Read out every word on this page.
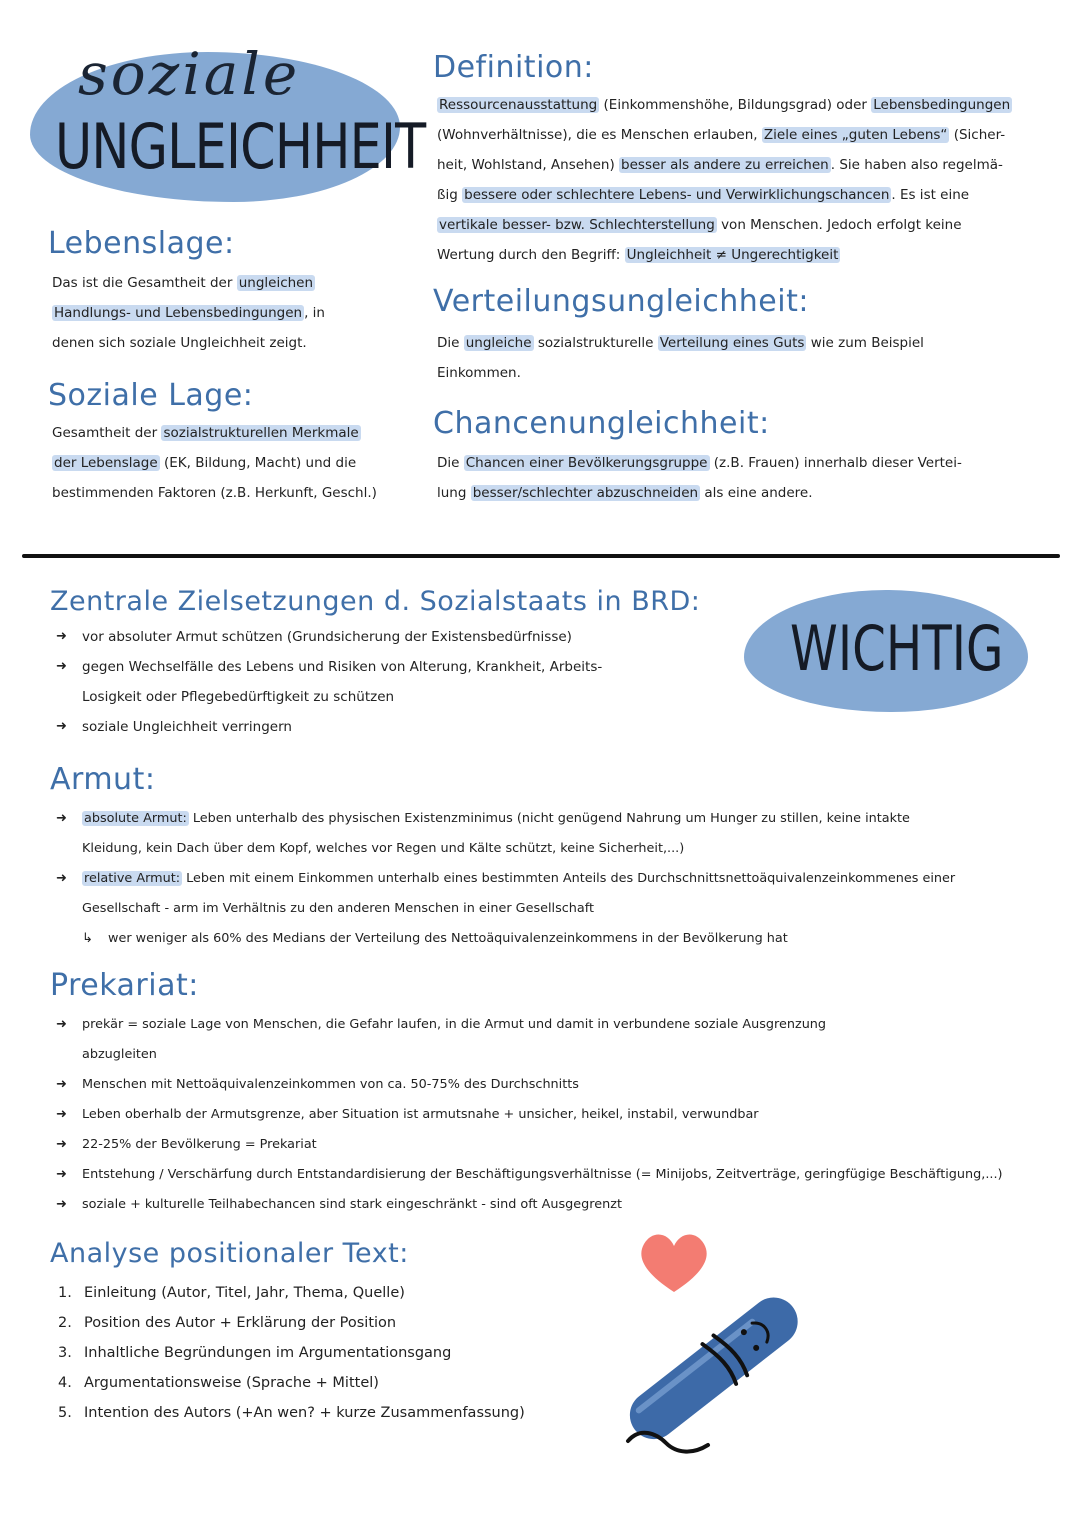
soziale
UNGLEICHHEIT
Definition:
Ressourcenausstattung (Einkommenshöhe, Bildungsgrad) oder Lebensbedingungen
(Wohnverhältnisse), die es Menschen erlauben, Ziele eines „guten Lebens“ (Sicher-
heit, Wohlstand, Ansehen) besser als andere zu erreichen . Sie haben also regelmä-
ßig bessere oder schlechtere Lebens- und Verwirklichungschancen . Es ist eine
vertikale besser- bzw. Schlechterstellung von Menschen. Jedoch erfolgt keine
Wertung durch den Begriff: Ungleichheit ≠ Ungerechtigkeit
Lebenslage:
Das ist die Gesamtheit der ungleichen
Handlungs- und Lebensbedingungen , in
denen sich soziale Ungleichheit zeigt.
Soziale Lage:
Gesamtheit der sozialstrukturellen Merkmale
der Lebenslage (EK, Bildung, Macht) und die
bestimmenden Faktoren (z.B. Herkunft, Geschl.)
Verteilungsungleichheit:
Die ungleiche sozialstrukturelle Verteilung eines Guts wie zum Beispiel
Einkommen.
Chancenungleichheit:
Die Chancen einer Bevölkerungsgruppe (z.B. Frauen) innerhalb dieser Vertei-
lung besser/schlechter abzuschneiden als eine andere.
Zentrale Zielsetzungen d. Sozialstaats in BRD:
➜	vor absoluter Armut schützen (Grundsicherung der Existensbedürfnisse)
➜	gegen Wechselfälle des Lebens und Risiken von Alterung, Krankheit, Arbeits-
Losigkeit oder Pflegebedürftigkeit zu schützen
➜	soziale Ungleichheit verringern
WICHTIG
Armut:
➜	absolute Armut: Leben unterhalb des physischen Existenzminimus (nicht genügend Nahrung um Hunger zu stillen, keine intakte
Kleidung, kein Dach über dem Kopf, welches vor Regen und Kälte schützt, keine Sicherheit,...)
➜	relative Armut: Leben mit einem Einkommen unterhalb eines bestimmten Anteils des Durchschnittsnettoäquivalenzeinkommenes einer
Gesellschaft - arm im Verhältnis zu den anderen Menschen in einer Gesellschaft
↳	wer weniger als 60% des Medians der Verteilung des Nettoäquivalenzeinkommens in der Bevölkerung hat
Prekariat:
➜	prekär = soziale Lage von Menschen, die Gefahr laufen, in die Armut und damit in verbundene soziale Ausgrenzung
abzugleiten
➜	Menschen mit Nettoäquivalenzeinkommen von ca. 50-75% des Durchschnitts
➜	Leben oberhalb der Armutsgrenze, aber Situation ist armutsnahe + unsicher, heikel, instabil, verwundbar
➜	22-25% der Bevölkerung = Prekariat
➜	Entstehung / Verschärfung durch Entstandardisierung der Beschäftigungsverhältnisse (= Minijobs, Zeitverträge, geringfügige Beschäftigung,...)
➜	soziale + kulturelle Teilhabechancen sind stark eingeschränkt - sind oft Ausgegrenzt
Analyse positionaler Text:
1. Einleitung (Autor, Titel, Jahr, Thema, Quelle)
2. Position des Autor + Erklärung der Position
3. Inhaltliche Begründungen im Argumentationsgang
4. Argumentationsweise (Sprache + Mittel)
5. Intention des Autors (+An wen? + kurze Zusammenfassung)
